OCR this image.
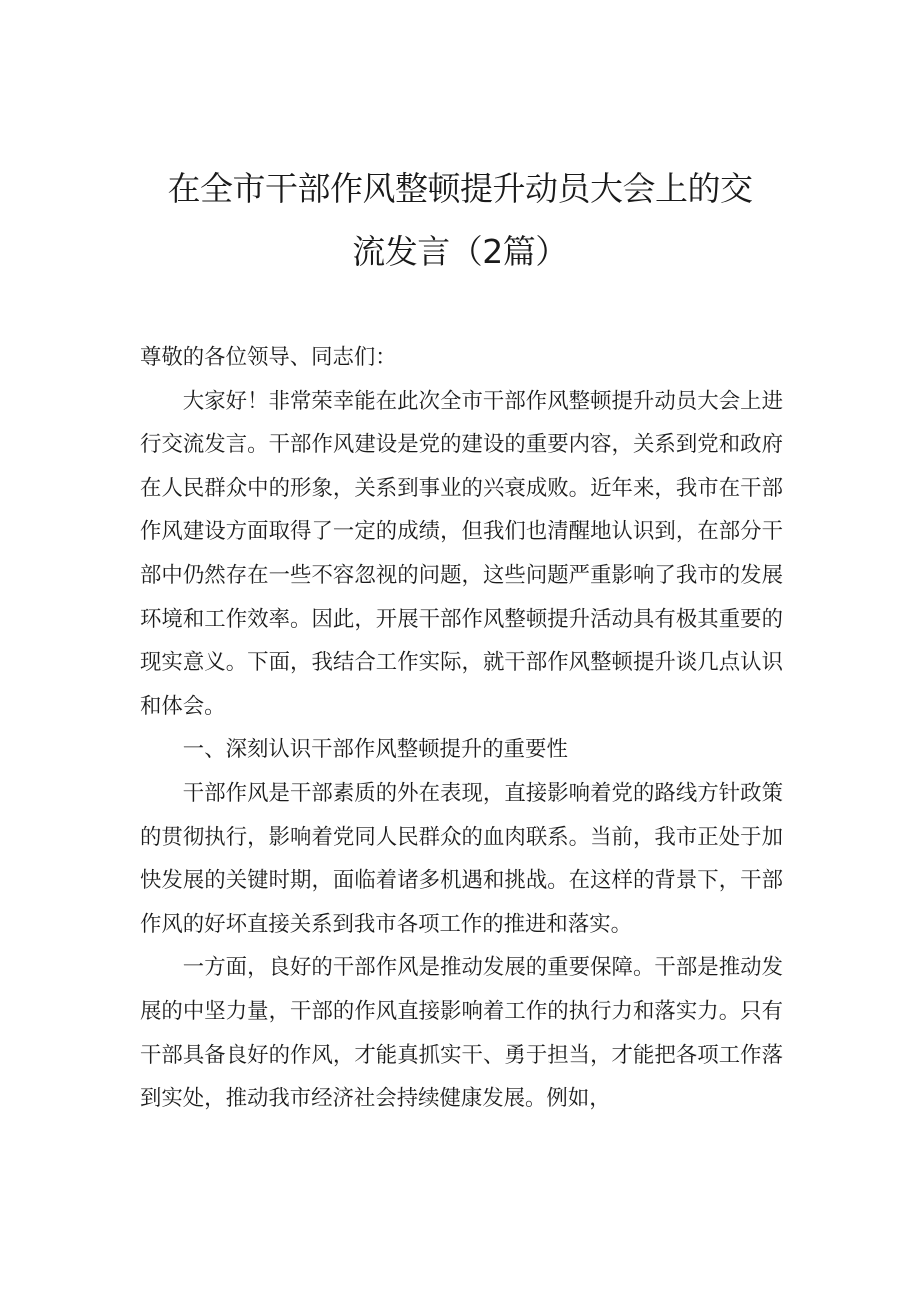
在全市干部作风整顿提升动员大会上的交
流发言（2篇）

尊敬的各位领导、同志们：

大家好！非常荣幸能在此次全市干部作风整顿提升动员大会上进行交流发言。干部作风建设是党的建设的重要内容，关系到党和政府在人民群众中的形象，关系到事业的兴衰成败。近年来，我市在干部作风建设方面取得了一定的成绩，但我们也清醒地认识到，在部分干部中仍然存在一些不容忽视的问题，这些问题严重影响了我市的发展环境和工作效率。因此，开展干部作风整顿提升活动具有极其重要的现实意义。下面，我结合工作实际，就干部作风整顿提升谈几点认识和体会。

一、深刻认识干部作风整顿提升的重要性

干部作风是干部素质的外在表现，直接影响着党的路线方针政策的贯彻执行，影响着党同人民群众的血肉联系。当前，我市正处于加快发展的关键时期，面临着诸多机遇和挑战。在这样的背景下，干部作风的好坏直接关系到我市各项工作的推进和落实。

一方面，良好的干部作风是推动发展的重要保障。干部是推动发展的中坚力量，干部的作风直接影响着工作的执行力和落实力。只有干部具备良好的作风，才能真抓实干、勇于担当，才能把各项工作落到实处，推动我市经济社会持续健康发展。例如，
